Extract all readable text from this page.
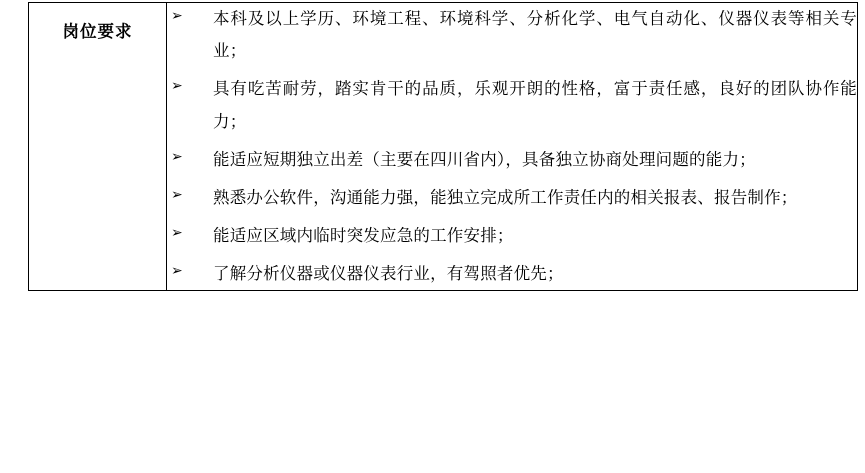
岗位要求

➢	本科及以上学历、环境工程、环境科学、分析化学、电气自动化、仪器仪表等相关专业；
➢	具有吃苦耐劳，踏实肯干的品质，乐观开朗的性格，富于责任感，良好的团队协作能力；
➢	能适应短期独立出差（主要在四川省内），具备独立协商处理问题的能力；
➢	熟悉办公软件，沟通能力强，能独立完成所工作责任内的相关报表、报告制作；
➢	能适应区域内临时突发应急的工作安排；
➢	了解分析仪器或仪器仪表行业，有驾照者优先；
